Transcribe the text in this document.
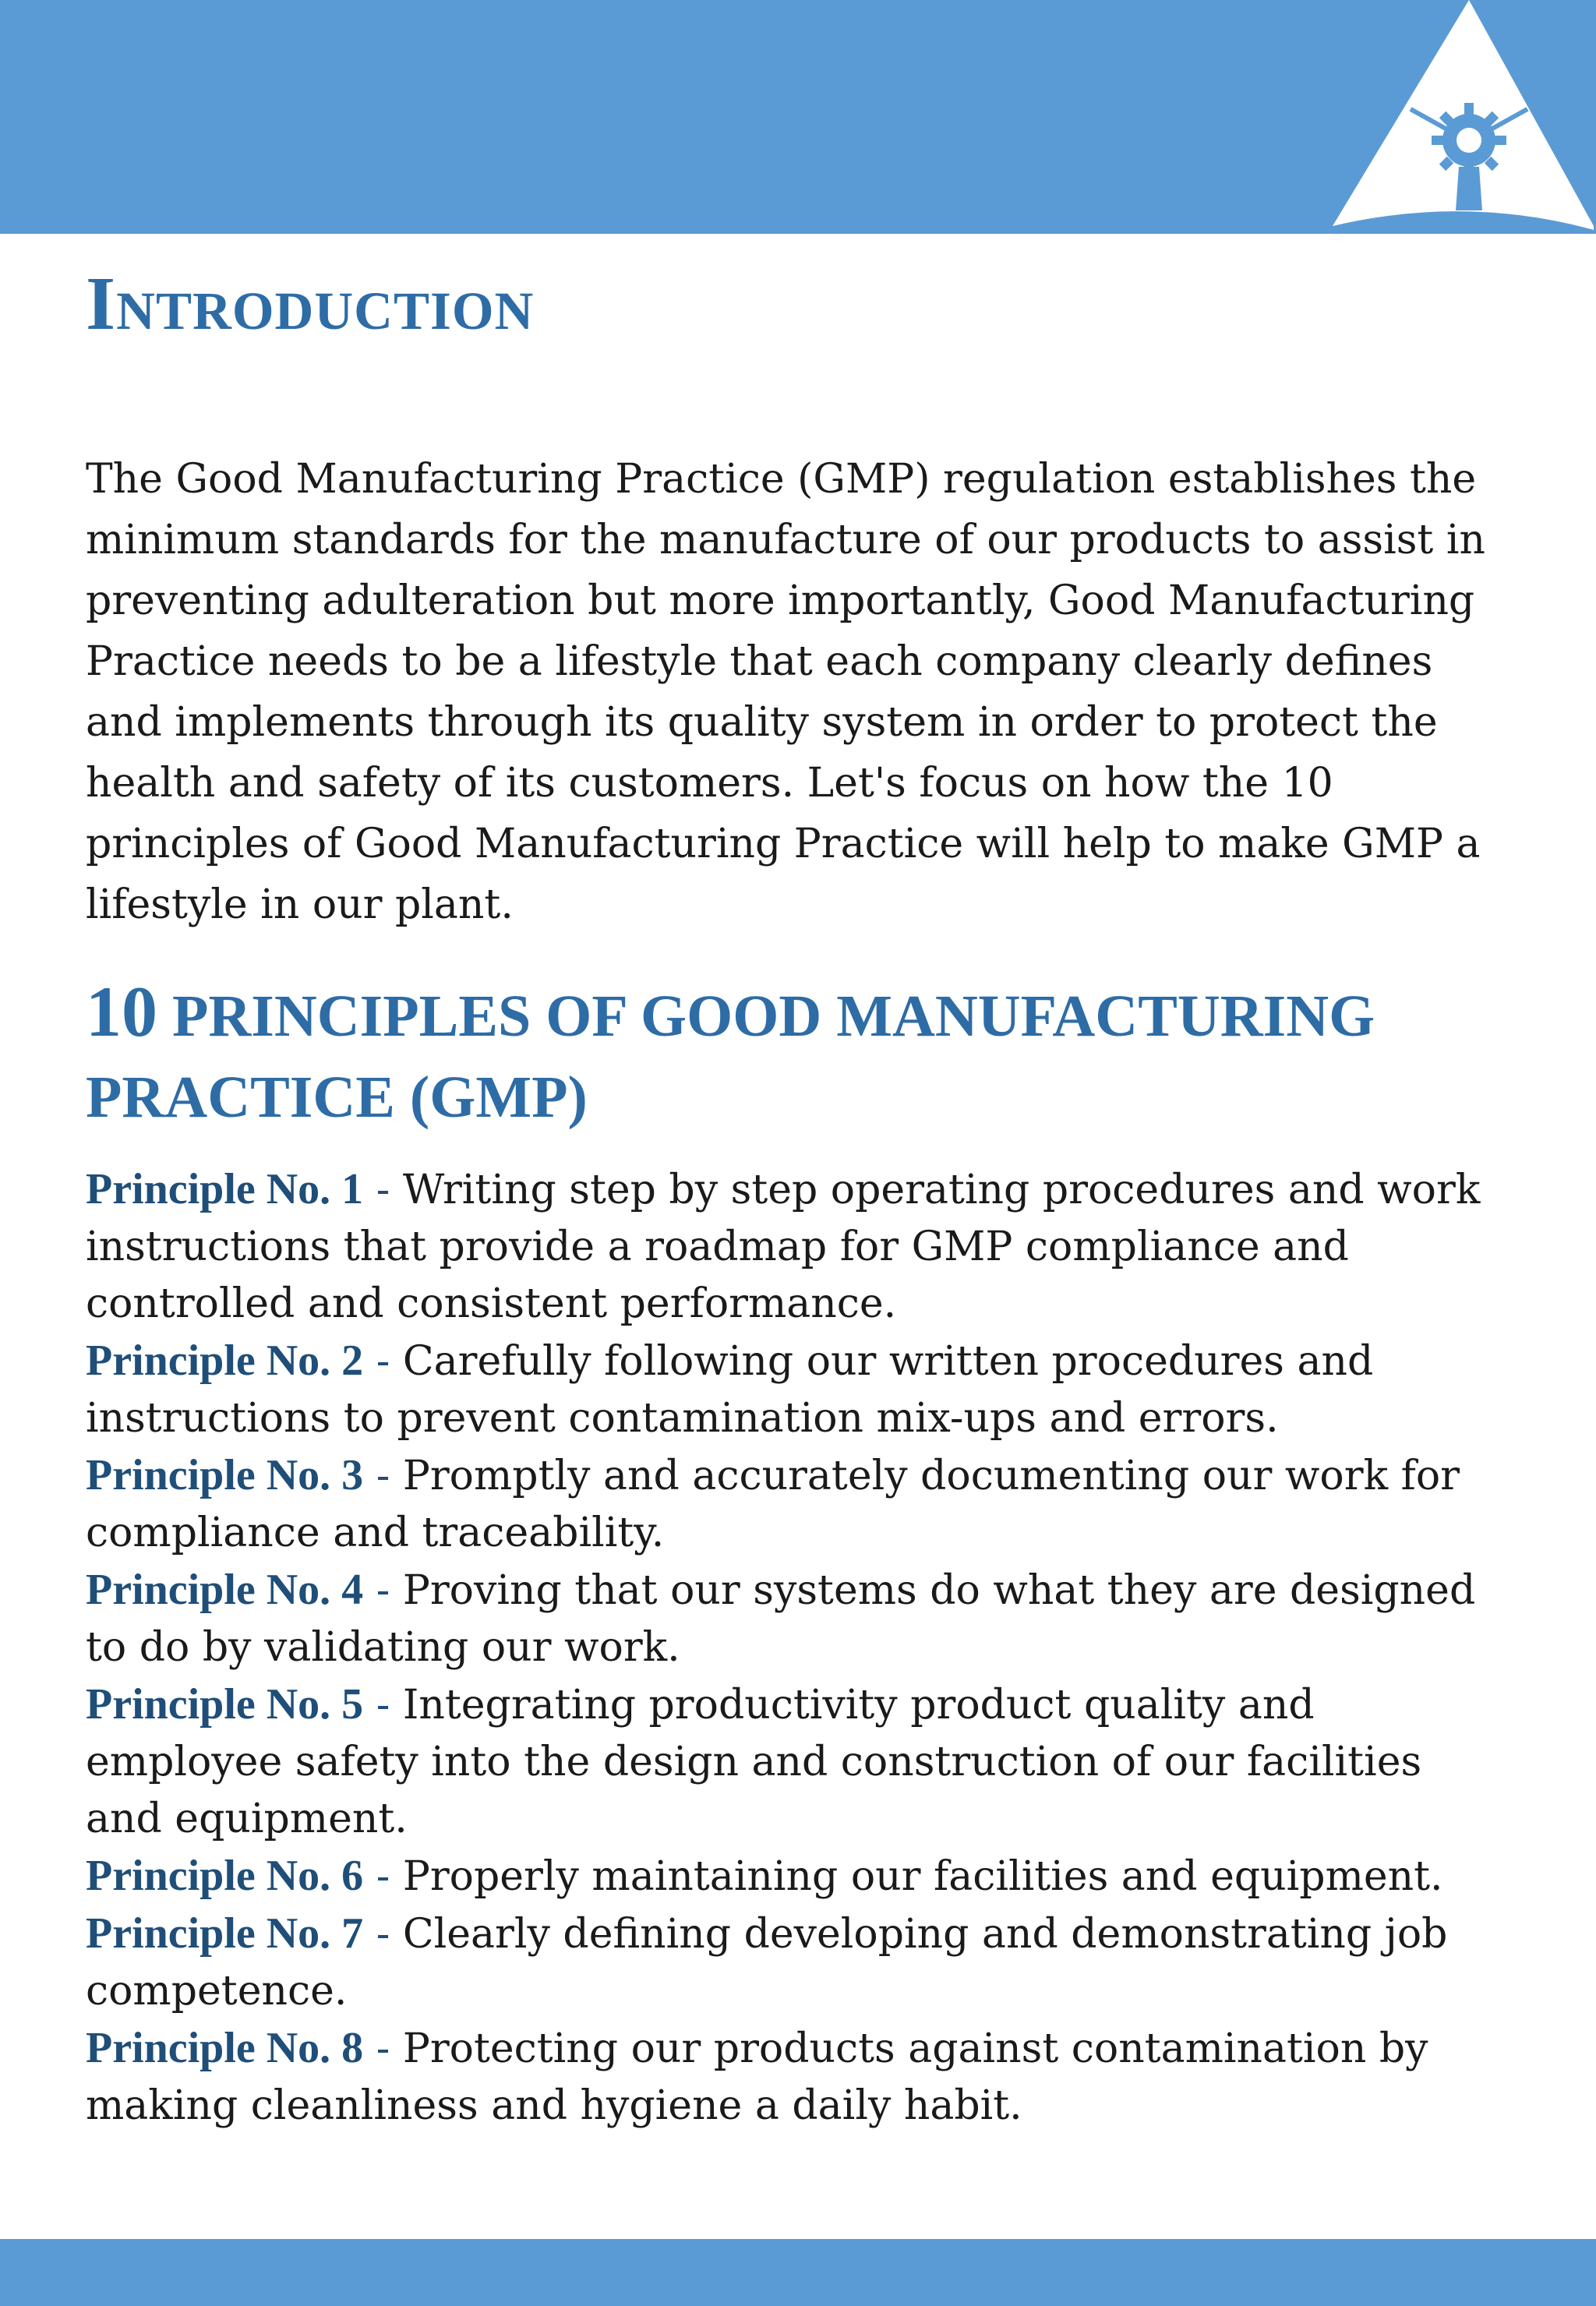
Introduction

The Good Manufacturing Practice (GMP) regulation establishes the minimum standards for the manufacture of our products to assist in preventing adulteration but more importantly, Good Manufacturing Practice needs to be a lifestyle that each company clearly defines and implements through its quality system in order to protect the health and safety of its customers. Let's focus on how the 10 principles of Good Manufacturing Practice will help to make GMP a lifestyle in our plant.

10 PRINCIPLES OF GOOD MANUFACTURING PRACTICE (GMP)
Principle No. 1 - Writing step by step operating procedures and work instructions that provide a roadmap for GMP compliance and controlled and consistent performance.
Principle No. 2 - Carefully following our written procedures and instructions to prevent contamination mix-ups and errors.
Principle No. 3 - Promptly and accurately documenting our work for compliance and traceability.
Principle No. 4 - Proving that our systems do what they are designed to do by validating our work.
Principle No. 5 - Integrating productivity product quality and employee safety into the design and construction of our facilities and equipment.
Principle No. 6 - Properly maintaining our facilities and equipment.
Principle No. 7 - Clearly defining developing and demonstrating job competence.
Principle No. 8 - Protecting our products against contamination by making cleanliness and hygiene a daily habit.
